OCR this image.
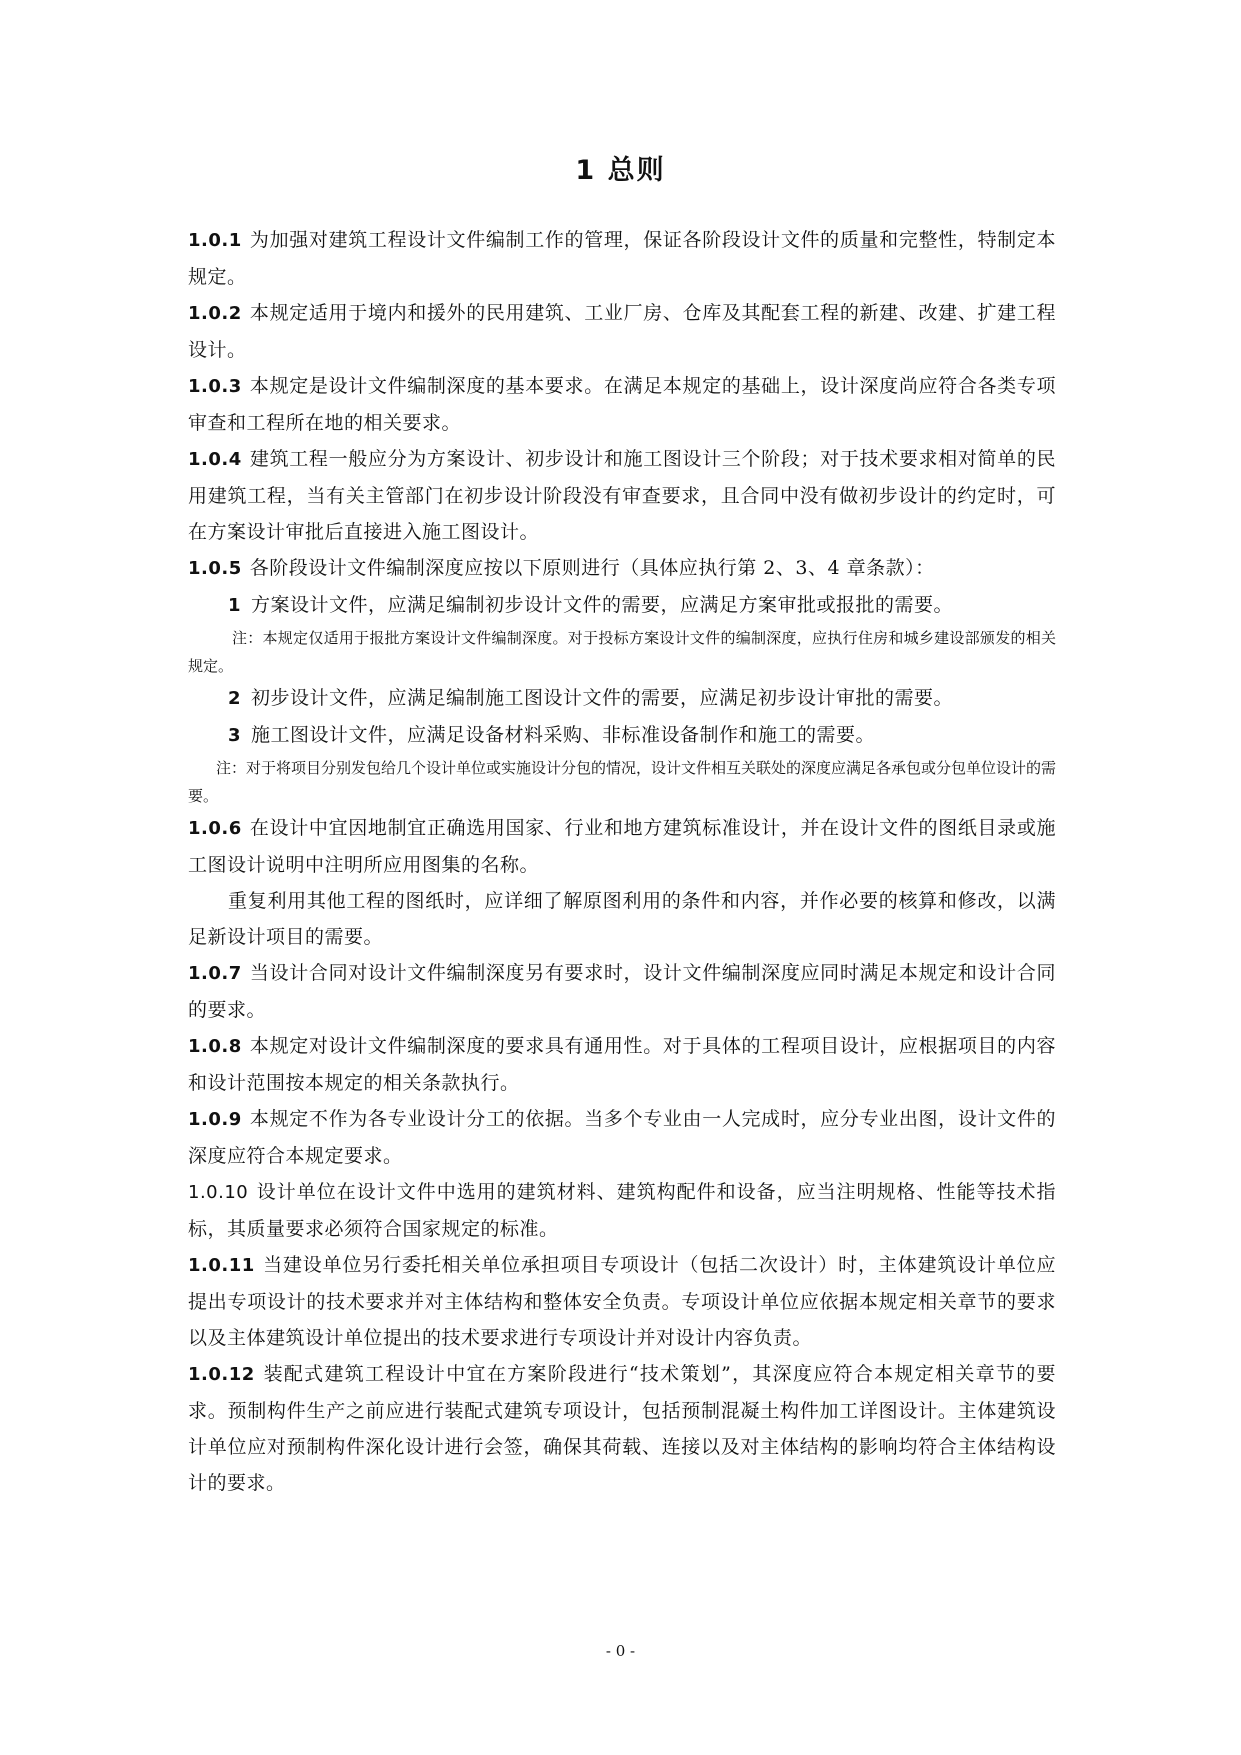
1 总则

1.0.1 为加强对建筑工程设计文件编制工作的管理，保证各阶段设计文件的质量和完整性，特制定本规定。

1.0.2 本规定适用于境内和援外的民用建筑、工业厂房、仓库及其配套工程的新建、改建、扩建工程设计。

1.0.3 本规定是设计文件编制深度的基本要求。在满足本规定的基础上，设计深度尚应符合各类专项审查和工程所在地的相关要求。

1.0.4 建筑工程一般应分为方案设计、初步设计和施工图设计三个阶段；对于技术要求相对简单的民用建筑工程，当有关主管部门在初步设计阶段没有审查要求，且合同中没有做初步设计的约定时，可在方案设计审批后直接进入施工图设计。

1.0.5 各阶段设计文件编制深度应按以下原则进行（具体应执行第 2、3、4 章条款）：

1 方案设计文件，应满足编制初步设计文件的需要，应满足方案审批或报批的需要。

注：本规定仅适用于报批方案设计文件编制深度。对于投标方案设计文件的编制深度，应执行住房和城乡建设部颁发的相关规定。

2 初步设计文件，应满足编制施工图设计文件的需要，应满足初步设计审批的需要。

3 施工图设计文件，应满足设备材料采购、非标准设备制作和施工的需要。

注：对于将项目分别发包给几个设计单位或实施设计分包的情况，设计文件相互关联处的深度应满足各承包或分包单位设计的需要。

1.0.6 在设计中宜因地制宜正确选用国家、行业和地方建筑标准设计，并在设计文件的图纸目录或施工图设计说明中注明所应用图集的名称。

重复利用其他工程的图纸时，应详细了解原图利用的条件和内容，并作必要的核算和修改，以满足新设计项目的需要。

1.0.7 当设计合同对设计文件编制深度另有要求时，设计文件编制深度应同时满足本规定和设计合同的要求。

1.0.8 本规定对设计文件编制深度的要求具有通用性。对于具体的工程项目设计，应根据项目的内容和设计范围按本规定的相关条款执行。

1.0.9 本规定不作为各专业设计分工的依据。当多个专业由一人完成时，应分专业出图，设计文件的深度应符合本规定要求。

1.0.10 设计单位在设计文件中选用的建筑材料、建筑构配件和设备，应当注明规格、性能等技术指标，其质量要求必须符合国家规定的标准。

1.0.11 当建设单位另行委托相关单位承担项目专项设计（包括二次设计）时，主体建筑设计单位应提出专项设计的技术要求并对主体结构和整体安全负责。专项设计单位应依据本规定相关章节的要求以及主体建筑设计单位提出的技术要求进行专项设计并对设计内容负责。

1.0.12 装配式建筑工程设计中宜在方案阶段进行“技术策划”，其深度应符合本规定相关章节的要求。预制构件生产之前应进行装配式建筑专项设计，包括预制混凝土构件加工详图设计。主体建筑设计单位应对预制构件深化设计进行会签，确保其荷载、连接以及对主体结构的影响均符合主体结构设计的要求。

- 0 -
